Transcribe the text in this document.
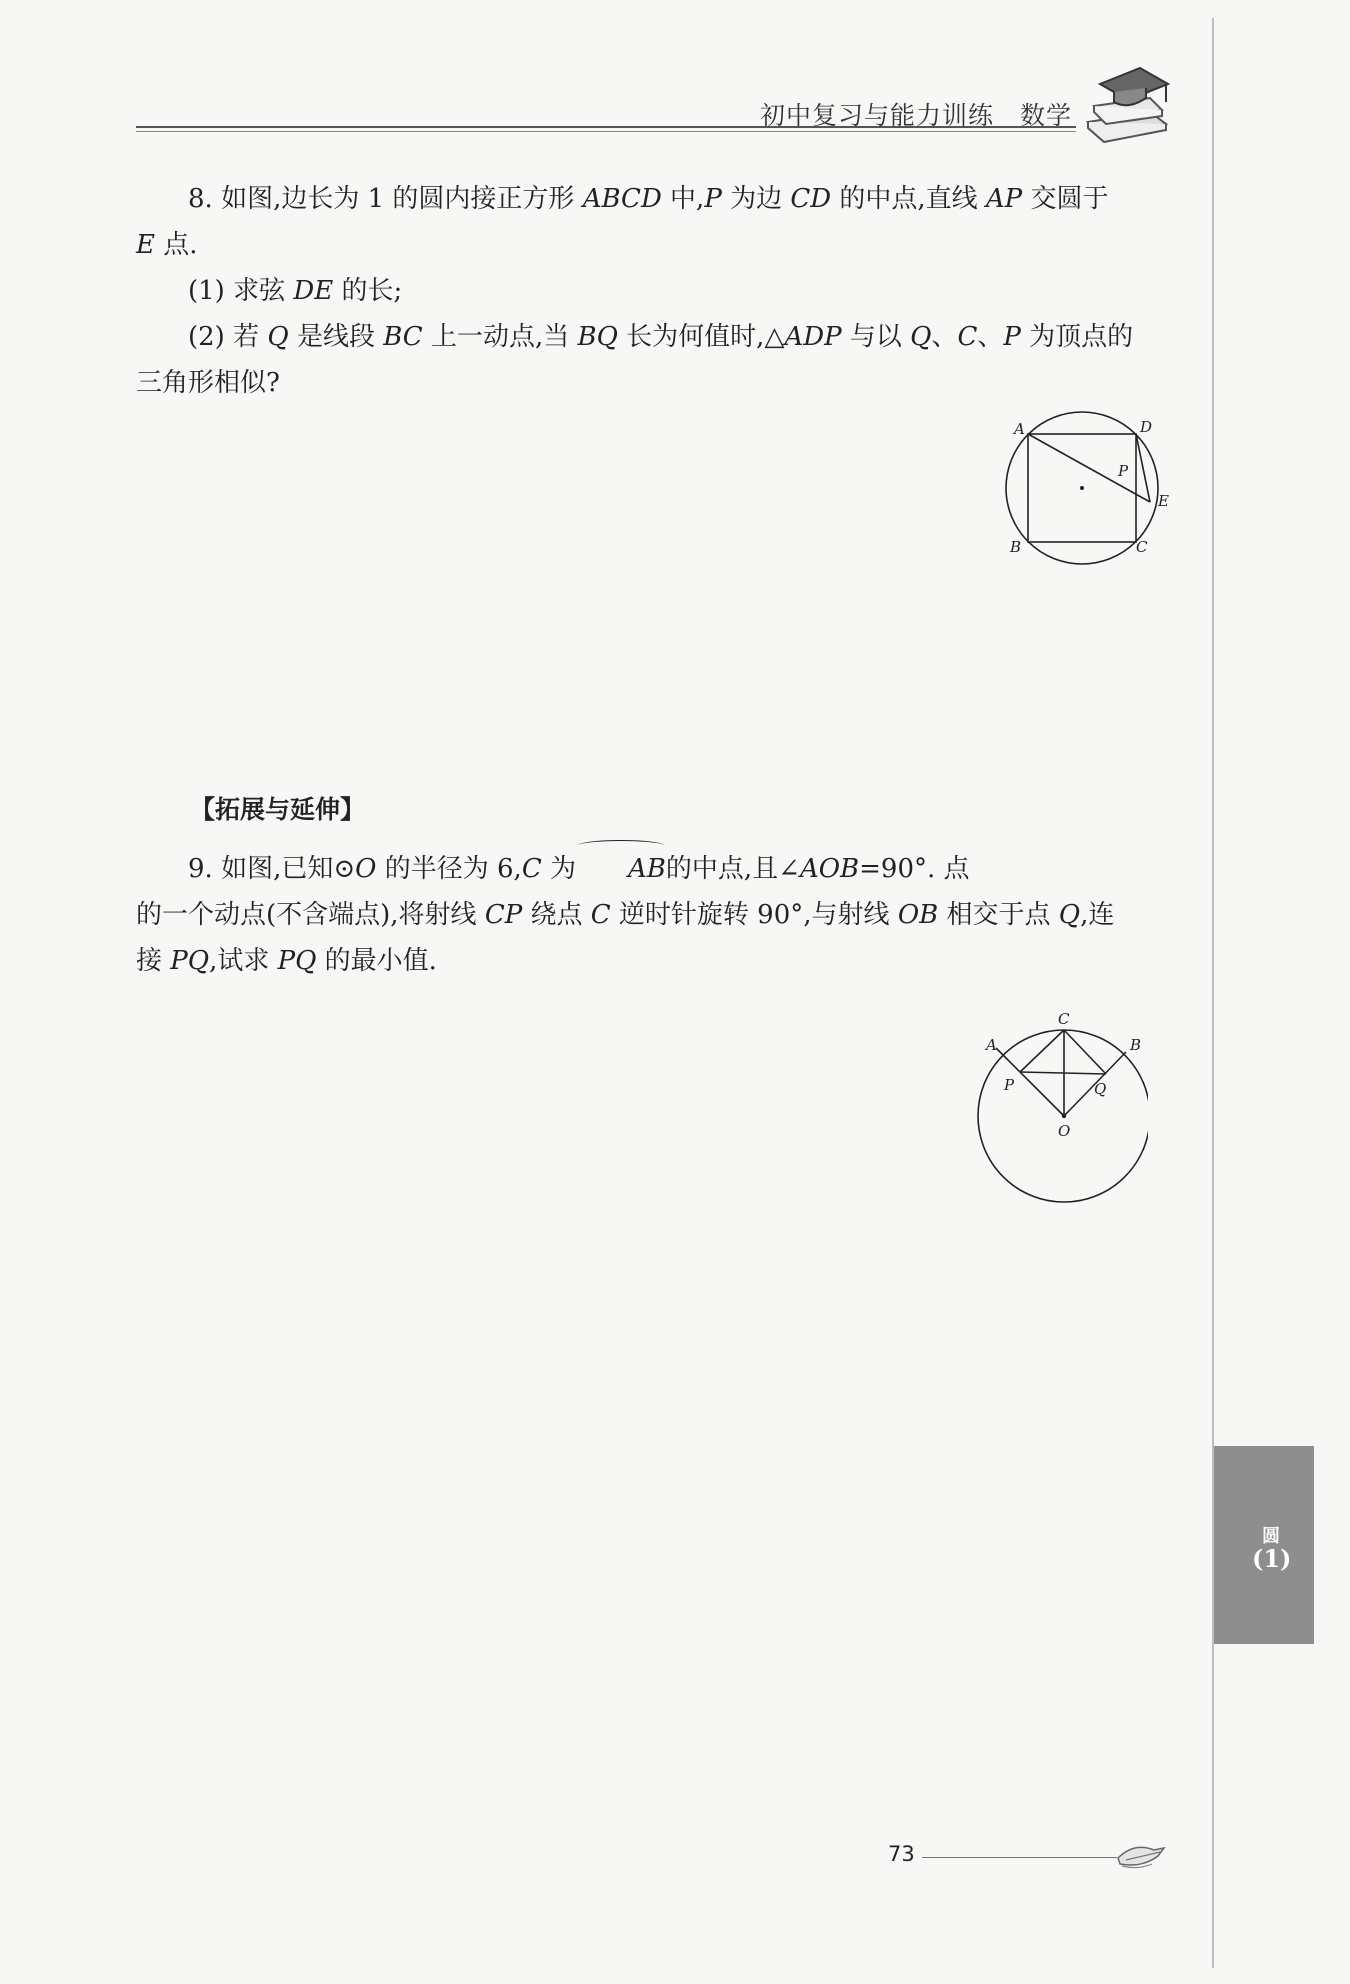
初中复习与能力训练　数学
8. 如图,边长为 1 的圆内接正方形 ABCD 中,P 为边 CD 的中点,直线 AP 交圆于
E 点.
(1) 求弦 DE 的长;
(2) 若 Q 是线段 BC 上一动点,当 BQ 长为何值时,△ADP 与以 Q、C、P 为顶点的
三角形相似?
A	D
P
E
B	C
【拓展与延伸】
9. 如图,已知⊙O 的半径为 6,C 为 AB的中点,且∠AOB=90°. 点
的一个动点(不含端点),将射线 CP 绕点 C 逆时针旋转 90°,与射线 OB 相交于点 Q,连
接 PQ,试求 PQ 的最小值.
C
A	B
P	Q
O
圆
(1)
73
